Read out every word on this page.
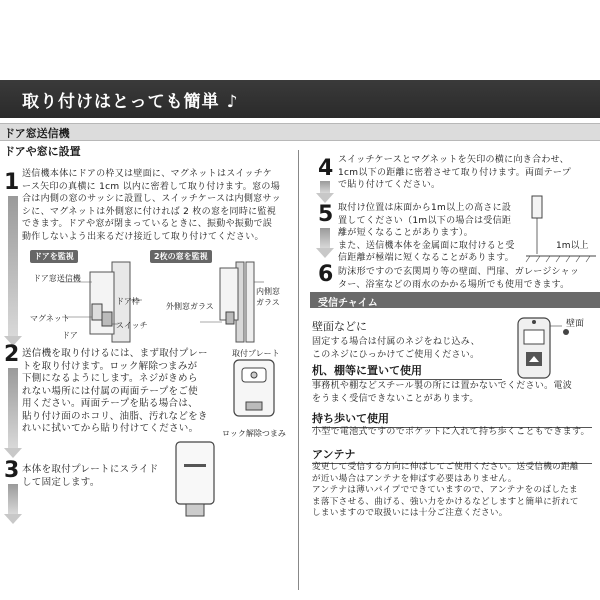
取り付けはとっても簡単 ♪
ドア窓送信機
ドアや窓に設置
1 送信機本体にドアの枠又は壁面に、マグネットはスイッチケ
ース矢印の真横に 1cm 以内に密着して取り付けます。窓の場
合は内側の窓のサッシに設置し、スイッチケースは内側窓サッ
シに、マグネットは外側窓に付ければ 2 枚の窓を同時に監視
できます。ドアや窓が閉まっているときに、振動や振動で誤
動作しないよう出来るだけ接近して取り付けてください。
ドアを監視	2枚の窓を監視
ドア窓送信機
ドア枠
マグネット
スイッチ
ドア
外側窓ガラス
内側窓
ガラス
2 送信機を取り付けるには、まず取付プレー
トを取り付けます。ロック解除つまみが
下側になるようにします。ネジがきめら
れない場所には付属の両面テープをご使
用ください。両面テープを貼る場合は、
貼り付け面のホコリ、油脂、汚れなどをき
れいに拭いてから貼り付けてください。
取付プレート
ロック解除つまみ
3 本体を取付プレートにスライド
して固定します。
4 スイッチケースとマグネットを矢印の横に向き合わせ、
1cm以下の距離に密着させて取り付けます。両面テープ
で貼り付けてください。
5 取付け位置は床面から1m以上の高さに設
置してください（1m以下の場合は受信距
離が短くなることがあります）。
また、送信機本体を金属面に取付けると受
信距離が極端に短くなることがあります。
1m以上
6 防沫形ですので玄関周り等の壁面、門扉、ガレージシャッ
ター、浴室などの雨水のかかる場所でも使用できます。
受信チャイム
壁面などに
固定する場合は付属のネジをねじ込み、
このネジにひっかけてご使用ください。
壁面
机、棚等に置いて使用
事務机や棚などスチール製の所には置かないでください。電波
をうまく受信できないことがあります。
持ち歩いて使用
小型で電池式ですのでポケットに入れて持ち歩くこともできます。
アンテナ
変更して受信する方向に伸ばしてご使用ください。送受信機の距離
が近い場合はアンテナを伸ばす必要はありません。
アンテナは薄いパイプでできていますので、アンテナをのばしたま
ま落下させる、曲げる、強い力をかけるなどしますと簡単に折れて
しまいますので取扱いには十分ご注意ください。
